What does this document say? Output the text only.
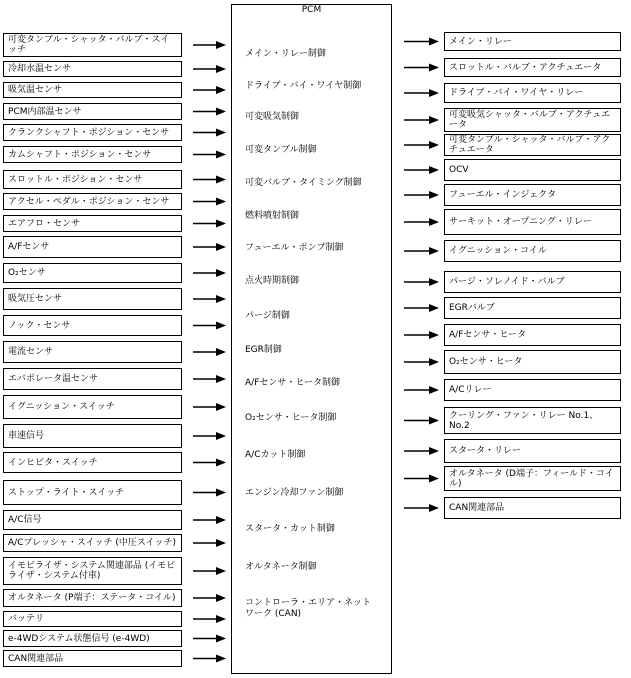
PCM
可変タンブル・シャッタ・バルブ・スイッチ
冷却水温センサ
吸気温センサ
PCM内部温センサ
クランクシャフト・ポジション・センサ
カムシャフト・ポジション・センサ
スロットル・ポジション・センサ
アクセル・ペダル・ポジション・センサ
エアフロ・センサ
A/Fセンサ
O₂センサ
吸気圧センサ
ノック・センサ
電流センサ
エバポレータ温センサ
イグニッション・スイッチ
車速信号
インヒビタ・スイッチ
ストップ・ライト・スイッチ
A/C信号
A/Cプレッシャ・スイッチ (中圧スイッチ)
イモビライザ・システム関連部品 (イモビライザ・システム付車)
オルタネータ (P端子：ステータ・コイル)
バッテリ
e-4WDシステム状態信号 (e-4WD)
CAN関連部品
メイン・リレー制御
ドライブ・バイ・ワイヤ制御
可変吸気制御
可変タンブル制御
可変バルブ・タイミング制御
燃料噴射制御
フューエル・ポンプ制御
点火時期制御
パージ制御
EGR制御
A/Fセンサ・ヒータ制御
O₂センサ・ヒータ制御
A/Cカット制御
エンジン冷却ファン制御
スタータ・カット制御
オルタネータ制御
コントローラ・エリア・ネットワーク (CAN)
メイン・リレー
スロットル・バルブ・アクチュエータ
ドライブ・バイ・ワイヤ・リレー
可変吸気シャッタ・バルブ・アクチュエータ
可変タンブル・シャッタ・バルブ・アクチュエータ
OCV
フューエル・インジェクタ
サーキット・オープニング・リレー
イグニッション・コイル
パージ・ソレノイド・バルブ
EGRバルブ
A/Fセンサ・ヒータ
O₂センサ・ヒータ
A/Cリレー
クーリング・ファン・リレー No.1、No.2
スタータ・リレー
オルタネータ (D端子：フィールド・コイル)
CAN関連部品
